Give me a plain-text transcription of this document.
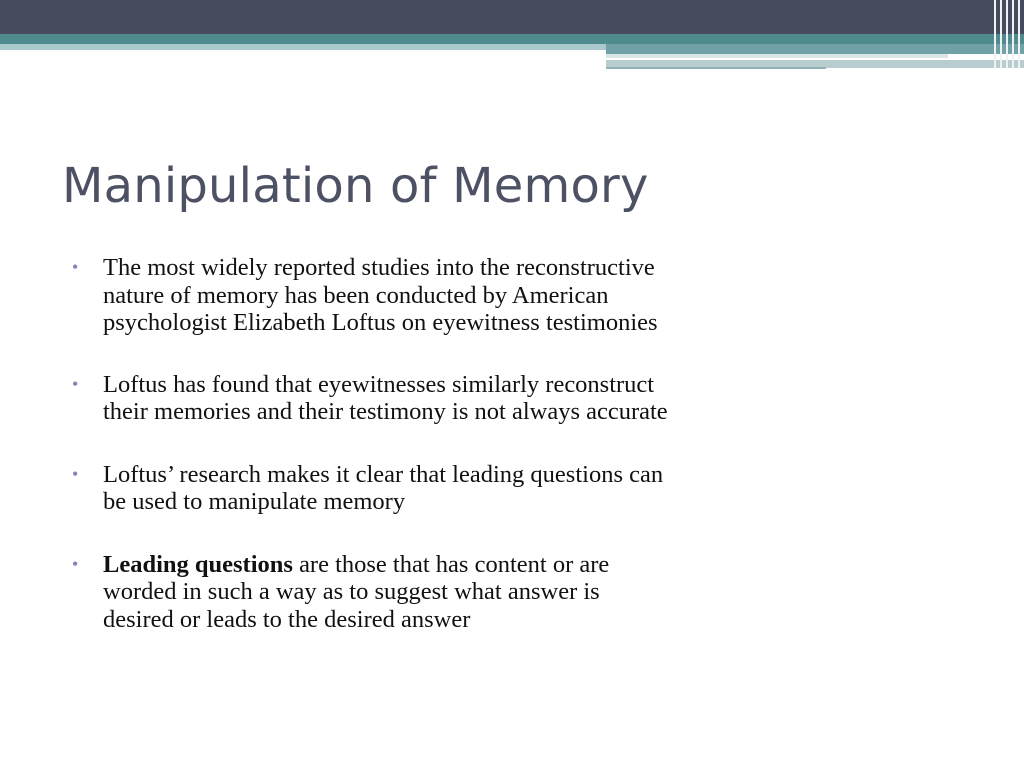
Manipulation of Memory
• The most widely reported studies into the reconstructive nature of memory has been conducted by American psychologist Elizabeth Loftus on eyewitness testimonies
• Loftus has found that eyewitnesses similarly reconstruct their memories and their testimony is not always accurate
• Loftus’ research makes it clear that leading questions can be used to manipulate memory
• Leading questions are those that has content or are worded in such a way as to suggest what answer is desired or leads to the desired answer
